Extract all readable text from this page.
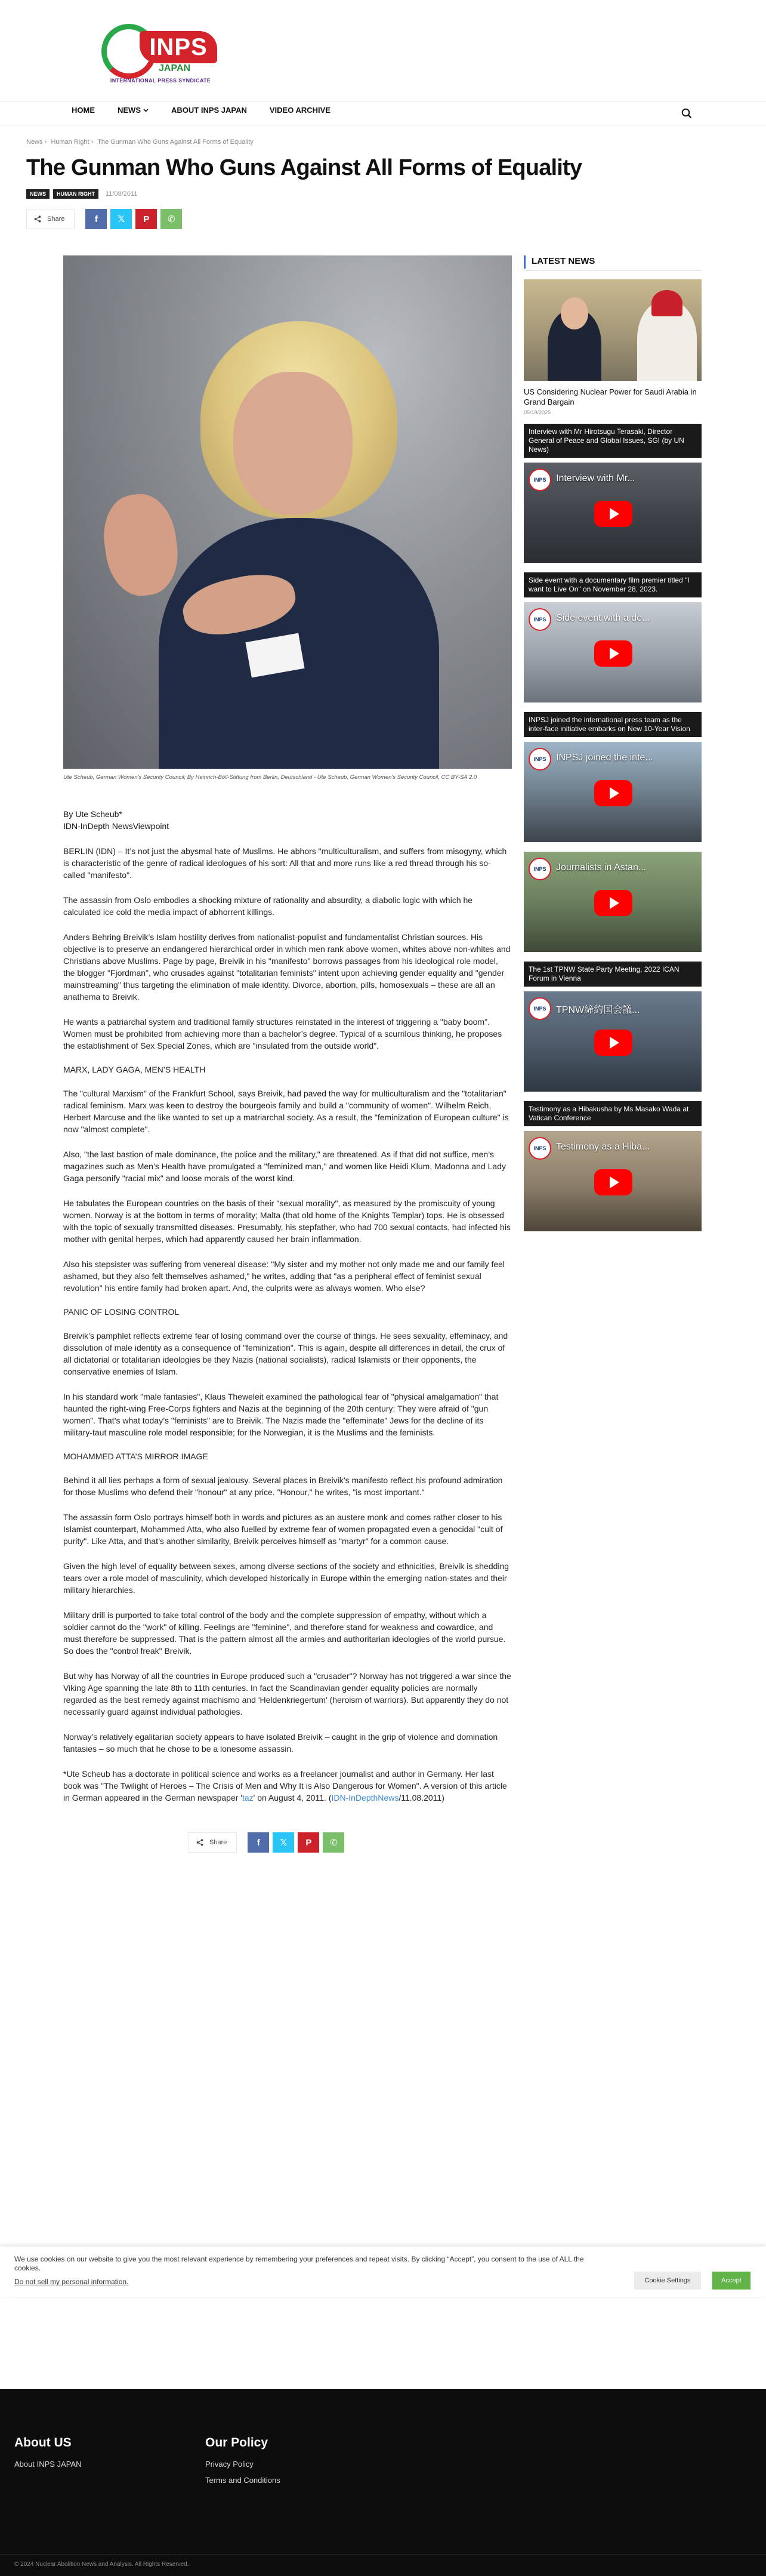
INPS
JAPAN
INTERNATIONAL PRESS SYNDICATE
HOME	NEWS	ABOUT INPS JAPAN	VIDEO ARCHIVE
News › Human Right › The Gunman Who Guns Against All Forms of Equality
The Gunman Who Guns Against All Forms of Equality
NEWS	HUMAN RIGHT	11/08/2011
Share	f 𝕏 P ✆

Ute Scheub, German Women's Security Council; By Heinrich-Böll-Stiftung from Berlin, Deutschland - Ute Scheub, German Women's Security Council, CC BY-SA 2.0

By Ute Scheub*
IDN-InDepth NewsViewpoint

BERLIN (IDN) – It’s not just the abysmal hate of Muslims. He abhors "multiculturalism, and suffers from misogyny, which is characteristic of the genre of radical ideologues of his sort: All that and more runs like a red thread through his so-called "manifesto".

The assassin from Oslo embodies a shocking mixture of rationality and absurdity, a diabolic logic with which he calculated ice cold the media impact of abhorrent killings.

Anders Behring Breivik’s Islam hostility derives from nationalist-populist and fundamentalist Christian sources. His objective is to preserve an endangered hierarchical order in which men rank above women, whites above non-whites and Christians above Muslims. Page by page, Breivik in his "manifesto" borrows passages from his ideological role model, the blogger "Fjordman", who crusades against "totalitarian feminists" intent upon achieving gender equality and "gender mainstreaming" thus targeting the elimination of male identity. Divorce, abortion, pills, homosexuals – these are all an anathema to Breivik.

He wants a patriarchal system and traditional family structures reinstated in the interest of triggering a "baby boom". Women must be prohibited from achieving more than a bachelor’s degree. Typical of a scurrilous thinking, he proposes the establishment of Sex Special Zones, which are "insulated from the outside world".

MARX, LADY GAGA, MEN’S HEALTH

The "cultural Marxism" of the Frankfurt School, says Breivik, had paved the way for multiculturalism and the "totalitarian" radical feminism. Marx was keen to destroy the bourgeois family and build a "community of women". Wilhelm Reich, Herbert Marcuse and the like wanted to set up a matriarchal society. As a result, the "feminization of European culture" is now "almost complete".

Also, "the last bastion of male dominance, the police and the military," are threatened. As if that did not suffice, men’s magazines such as Men’s Health have promulgated a "feminized man," and women like Heidi Klum, Madonna and Lady Gaga personify "racial mix" and loose morals of the worst kind.

He tabulates the European countries on the basis of their "sexual morality", as measured by the promiscuity of young women. Norway is at the bottom in terms of morality; Malta (that old home of the Knights Templar) tops. He is obsessed with the topic of sexually transmitted diseases. Presumably, his stepfather, who had 700 sexual contacts, had infected his mother with genital herpes, which had apparently caused her brain inflammation.

Also his stepsister was suffering from venereal disease: "My sister and my mother not only made me and our family feel ashamed, but they also felt themselves ashamed," he writes, adding that "as a peripheral effect of feminist sexual revolution" his entire family had broken apart. And, the culprits were as always women. Who else?

PANIC OF LOSING CONTROL

Breivik’s pamphlet reflects extreme fear of losing command over the course of things. He sees sexuality, effeminacy, and dissolution of male identity as a consequence of "feminization". This is again, despite all differences in detail, the crux of all dictatorial or totalitarian ideologies be they Nazis (national socialists), radical Islamists or their opponents, the conservative enemies of Islam.

In his standard work "male fantasies", Klaus Theweleit examined the pathological fear of "physical amalgamation" that haunted the right-wing Free-Corps fighters and Nazis at the beginning of the 20th century: They were afraid of "gun women". That’s what today’s "feminists" are to Breivik. The Nazis made the "effeminate" Jews for the decline of its military-taut masculine role model responsible; for the Norwegian, it is the Muslims and the feminists.

MOHAMMED ATTA’S MIRROR IMAGE

Behind it all lies perhaps a form of sexual jealousy. Several places in Breivik’s manifesto reflect his profound admiration for those Muslims who defend their "honour" at any price. "Honour," he writes, "is most important."

The assassin form Oslo portrays himself both in words and pictures as an austere monk and comes rather closer to his Islamist counterpart, Mohammed Atta, who also fuelled by extreme fear of women propagated even a genocidal "cult of purity". Like Atta, and that’s another similarity, Breivik perceives himself as "martyr" for a common cause.

Given the high level of equality between sexes, among diverse sections of the society and ethnicities, Breivik is shedding tears over a role model of masculinity, which developed historically in Europe within the emerging nation-states and their military hierarchies.

Military drill is purported to take total control of the body and the complete suppression of empathy, without which a soldier cannot do the "work" of killing. Feelings are "feminine", and therefore stand for weakness and cowardice, and must therefore be suppressed. That is the pattern almost all the armies and authoritarian ideologies of the world pursue. So does the "control freak" Breivik.

But why has Norway of all the countries in Europe produced such a "crusader"? Norway has not triggered a war since the Viking Age spanning the late 8th to 11th centuries. In fact the Scandinavian gender equality policies are normally regarded as the best remedy against machismo and 'Heldenkriegertum' (heroism of warriors). But apparently they do not necessarily guard against individual pathologies.

Norway’s relatively egalitarian society appears to have isolated Breivik – caught in the grip of violence and domination fantasies – so much that he chose to be a lonesome assassin.

*Ute Scheub has a doctorate in political science and works as a freelancer journalist and author in Germany. Her last book was "The Twilight of Heroes – The Crisis of Men and Why It is Also Dangerous for Women". A version of this article in German appeared in the German newspaper 'taz' on August 4, 2011. (IDN-InDepthNews/11.08.2011)

Share	f 𝕏 P ✆
LATEST NEWS
US Considering Nuclear Power for Saudi Arabia in Grand Bargain
05/19/2025
Interview with Mr Hirotsugu Terasaki, Director General of Peace and Global Issues, SGI (by UN News)
INPS	Interview with Mr...
Side event with a documentary film premier titled "I want to Live On" on November 28, 2023.
INPS	Side event with a do...
INPSJ joined the international press team as the inter-face initiative embarks on New 10-Year Vision
INPS	INPSJ joined the inte...
INPS	Journalists in Astan...
The 1st TPNW State Party Meeting, 2022 ICAN Forum in Vienna
INPS	TPNW締約国会議...
Testimony as a Hibakusha by Ms Masako Wada at Vatican Conference
INPS	Testimony as a Hiba...
We use cookies on our website to give you the most relevant experience by remembering your preferences and repeat visits. By clicking “Accept”, you consent to the use of ALL the cookies.
Do not sell my personal information.	Cookie Settings	Accept
About US
About INPS JAPAN
Our Policy
Privacy Policy
Terms and Conditions
© 2024 Nuclear Abolition News and Analysis. All Rights Reserved.
